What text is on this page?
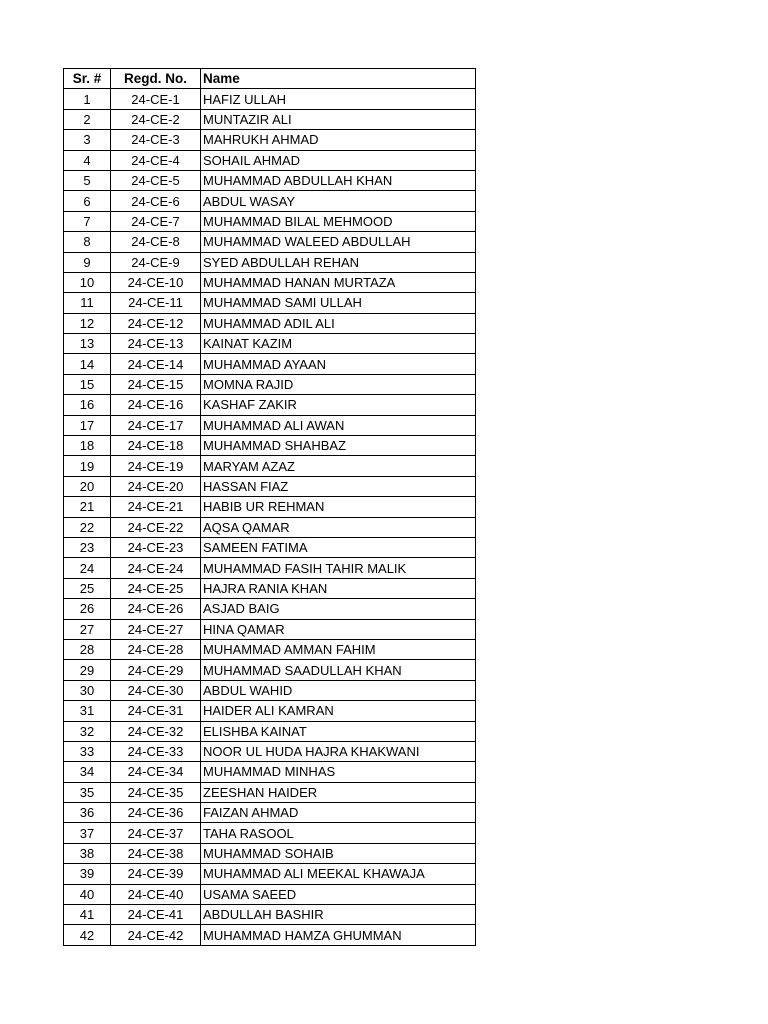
Sr. #	Regd. No.	Name
1	24-CE-1	HAFIZ ULLAH
2	24-CE-2	MUNTAZIR ALI
3	24-CE-3	MAHRUKH AHMAD
4	24-CE-4	SOHAIL AHMAD
5	24-CE-5	MUHAMMAD ABDULLAH KHAN
6	24-CE-6	ABDUL WASAY
7	24-CE-7	MUHAMMAD BILAL MEHMOOD
8	24-CE-8	MUHAMMAD WALEED ABDULLAH
9	24-CE-9	SYED ABDULLAH REHAN
10	24-CE-10	MUHAMMAD HANAN MURTAZA
11	24-CE-11	MUHAMMAD SAMI ULLAH
12	24-CE-12	MUHAMMAD ADIL ALI
13	24-CE-13	KAINAT KAZIM
14	24-CE-14	MUHAMMAD AYAAN
15	24-CE-15	MOMNA RAJID
16	24-CE-16	KASHAF ZAKIR
17	24-CE-17	MUHAMMAD ALI AWAN
18	24-CE-18	MUHAMMAD SHAHBAZ
19	24-CE-19	MARYAM AZAZ
20	24-CE-20	HASSAN FIAZ
21	24-CE-21	HABIB UR REHMAN
22	24-CE-22	AQSA QAMAR
23	24-CE-23	SAMEEN FATIMA
24	24-CE-24	MUHAMMAD FASIH TAHIR MALIK
25	24-CE-25	HAJRA RANIA KHAN
26	24-CE-26	ASJAD BAIG
27	24-CE-27	HINA QAMAR
28	24-CE-28	MUHAMMAD AMMAN FAHIM
29	24-CE-29	MUHAMMAD SAADULLAH KHAN
30	24-CE-30	ABDUL WAHID
31	24-CE-31	HAIDER ALI KAMRAN
32	24-CE-32	ELISHBA KAINAT
33	24-CE-33	NOOR UL HUDA HAJRA KHAKWANI
34	24-CE-34	MUHAMMAD MINHAS
35	24-CE-35	ZEESHAN HAIDER
36	24-CE-36	FAIZAN AHMAD
37	24-CE-37	TAHA RASOOL
38	24-CE-38	MUHAMMAD SOHAIB
39	24-CE-39	MUHAMMAD ALI MEEKAL KHAWAJA
40	24-CE-40	USAMA SAEED
41	24-CE-41	ABDULLAH BASHIR
42	24-CE-42	MUHAMMAD HAMZA GHUMMAN
